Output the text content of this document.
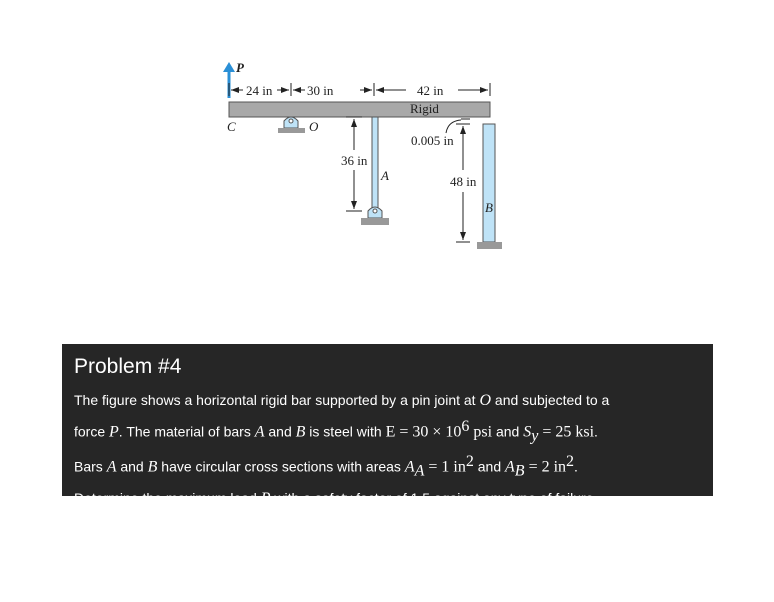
P
24 in	30 in	42 in
Rigid
C	O
A
36 in
B
0.005 in
48 in
Problem #4
The figure shows a horizontal rigid bar supported by a pin joint at O and subjected to a
force P. The material of bars A and B is steel with $E = 30 \times 10^6$ psi and $S_y = 25$ ksi.
Bars A and B have circular cross sections with areas $A_A = 1$ $in^2$ and $A_B = 2$ $in^2$.
Determine the maximum load P with a safety factor of 1.5 against any type of failure.
